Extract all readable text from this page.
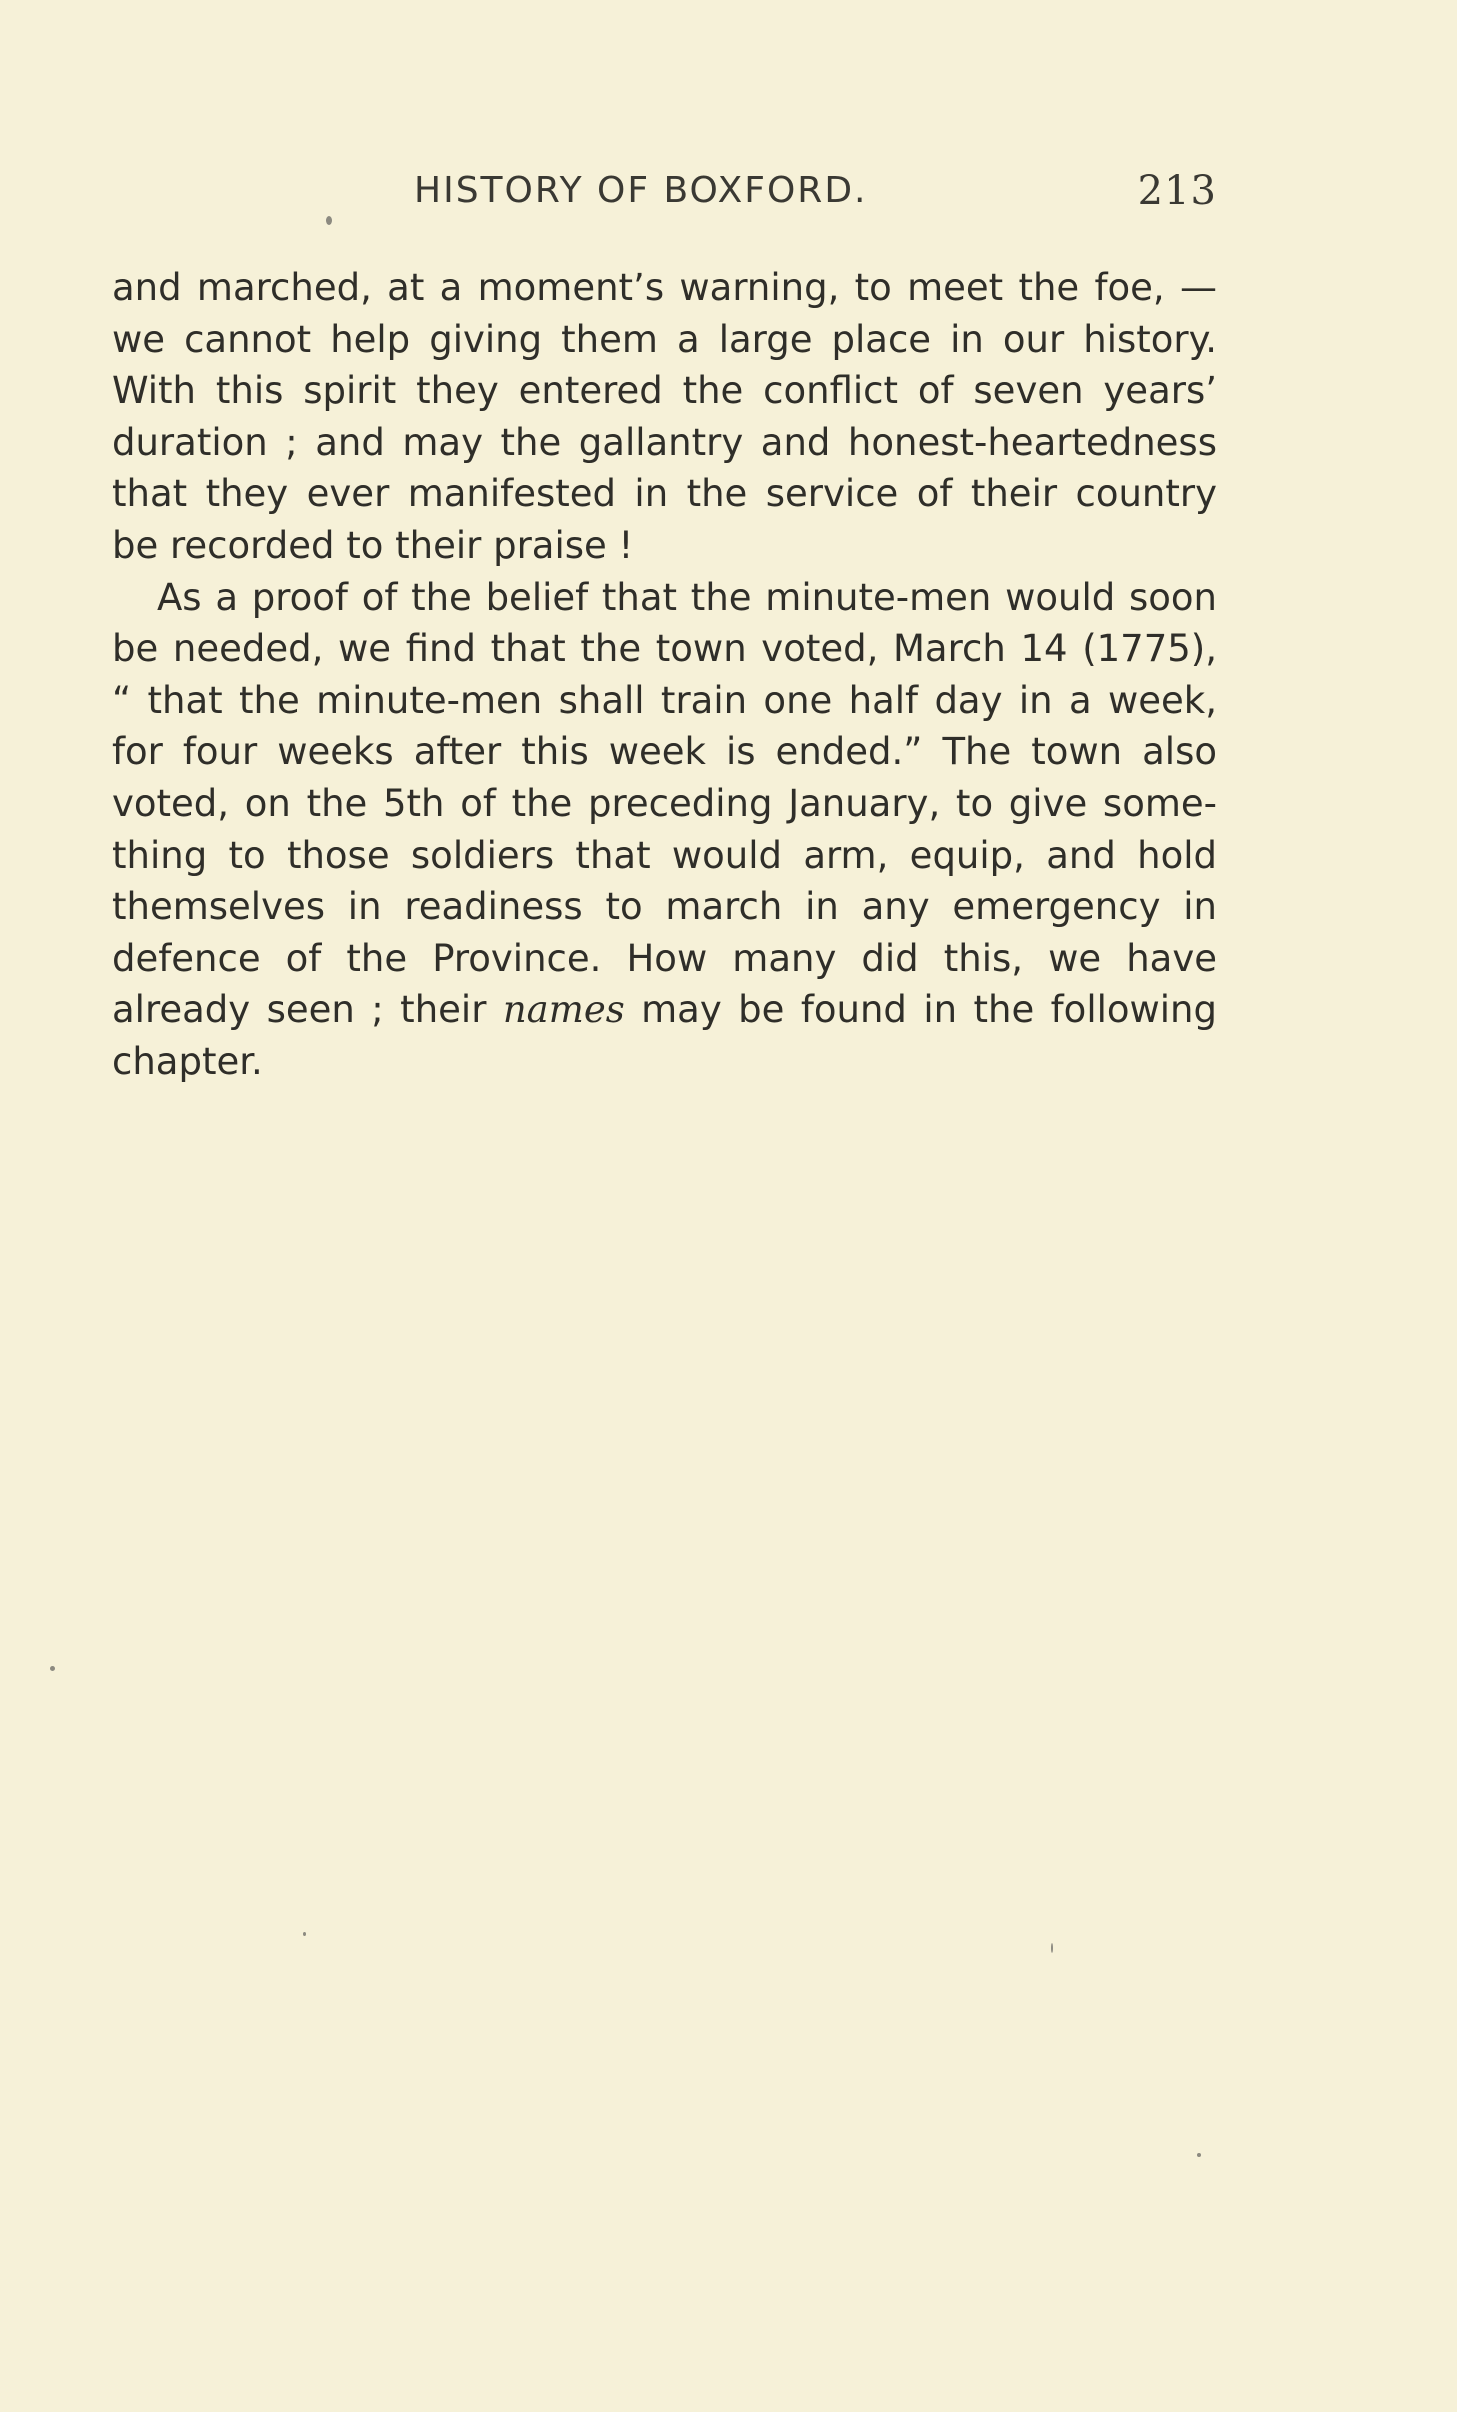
HISTORY OF BOXFORD.	213

and marched, at a moment’s warning, to meet the foe, —
we cannot help giving them a large place in our history.
With this spirit they entered the conflict of seven years’
duration ; and may the gallantry and honest-heartedness
that they ever manifested in the service of their country
be recorded to their praise !

As a proof of the belief that the minute-men would soon
be needed, we find that the town voted, March 14 (1775),
“ that the minute-men shall train one half day in a week,
for four weeks after this week is ended.” The town also
voted, on the 5th of the preceding January, to give some-
thing to those soldiers that would arm, equip, and hold
themselves in readiness to march in any emergency in
defence of the Province. How many did this, we have
already seen ; their names may be found in the following
chapter.
